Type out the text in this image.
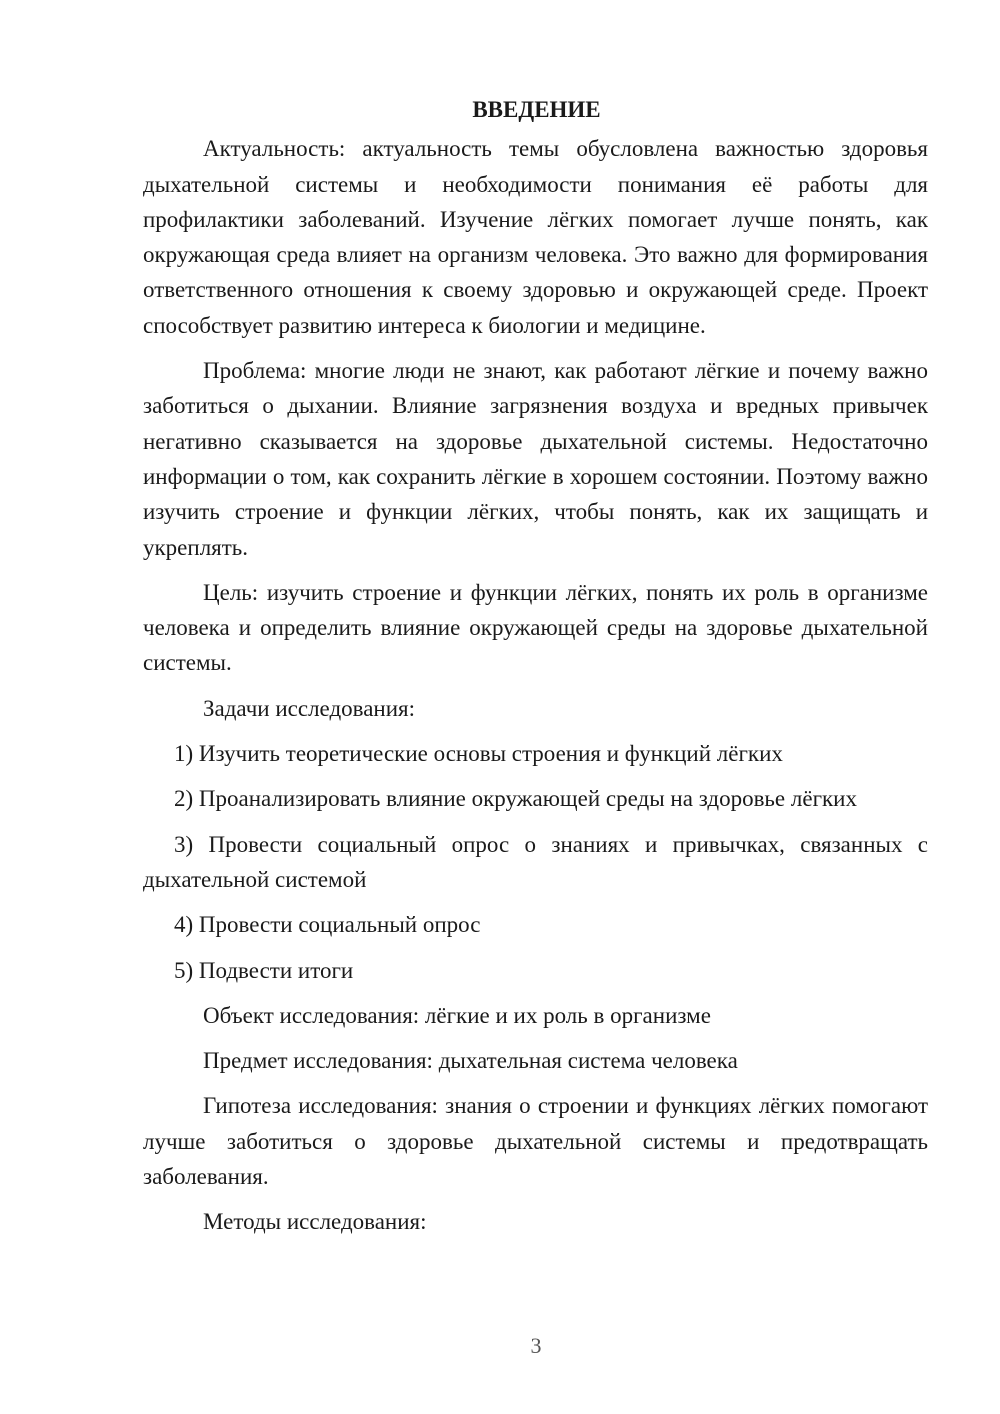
ВВЕДЕНИЕ

Актуальность: актуальность темы обусловлена важностью здоровья дыхательной системы и необходимости понимания её работы для профилактики заболеваний. Изучение лёгких помогает лучше понять, как окружающая среда влияет на организм человека. Это важно для формирования ответственного отношения к своему здоровью и окружающей среде. Проект способствует развитию интереса к биологии и медицине.

Проблема: многие люди не знают, как работают лёгкие и почему важно заботиться о дыхании. Влияние загрязнения воздуха и вредных привычек негативно сказывается на здоровье дыхательной системы. Недостаточно информации о том, как сохранить лёгкие в хорошем состоянии. Поэтому важно изучить строение и функции лёгких, чтобы понять, как их защищать и укреплять.

Цель: изучить строение и функции лёгких, понять их роль в организме человека и определить влияние окружающей среды на здоровье дыхательной системы.

Задачи исследования:

1) Изучить теоретические основы строения и функций лёгких

2) Проанализировать влияние окружающей среды на здоровье лёгких

3) Провести социальный опрос о знаниях и привычках, связанных с дыхательной системой

4) Провести социальный опрос

5) Подвести итоги

Объект исследования: лёгкие и их роль в организме

Предмет исследования: дыхательная система человека

Гипотеза исследования: знания о строении и функциях лёгких помогают лучше заботиться о здоровье дыхательной системы и предотвращать заболевания.

Методы исследования:

3
